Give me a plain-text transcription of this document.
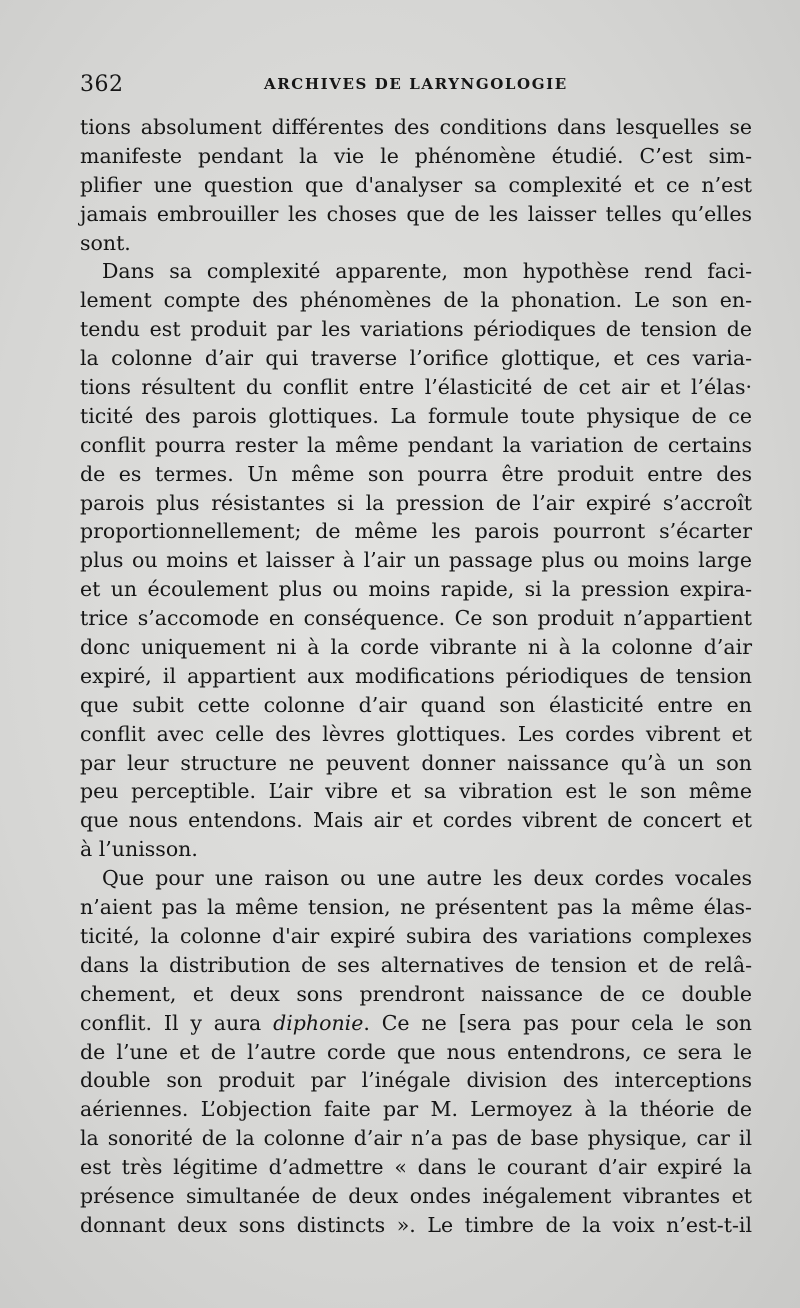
362	ARCHIVES DE LARYNGOLOGIE
tions absolument différentes des conditions dans lesquelles se
manifeste pendant la vie le phénomène étudié. C’est sim-
plifier une question que d'analyser sa complexité et ce n’est
jamais embrouiller les choses que de les laisser telles qu’elles
sont.
Dans sa complexité apparente, mon hypothèse rend faci-
lement compte des phénomènes de la phonation. Le son en-
tendu est produit par les variations périodiques de tension de
la colonne d’air qui traverse l’orifice glottique, et ces varia-
tions résultent du conflit entre l’élasticité de cet air et l’élas·
ticité des parois glottiques. La formule toute physique de ce
conflit pourra rester la même pendant la variation de certains
de es termes. Un même son pourra être produit entre des
parois plus résistantes si la pression de l’air expiré s’accroît
proportionnellement; de même les parois pourront s’écarter
plus ou moins et laisser à l’air un passage plus ou moins large
et un écoulement plus ou moins rapide, si la pression expira-
trice s’accomode en conséquence. Ce son produit n’appartient
donc uniquement ni à la corde vibrante ni à la colonne d’air
expiré, il appartient aux modifications périodiques de tension
que subit cette colonne d’air quand son élasticité entre en
conflit avec celle des lèvres glottiques. Les cordes vibrent et
par leur structure ne peuvent donner naissance qu’à un son
peu perceptible. L’air vibre et sa vibration est le son même
que nous entendons. Mais air et cordes vibrent de concert et
à l’unisson.
Que pour une raison ou une autre les deux cordes vocales
n’aient pas la même tension, ne présentent pas la même élas-
ticité, la colonne d'air expiré subira des variations complexes
dans la distribution de ses alternatives de tension et de relâ-
chement, et deux sons prendront naissance de ce double
conflit. Il y aura diphonie. Ce ne [sera pas pour cela le son
de l’une et de l’autre corde que nous entendrons, ce sera le
double son produit par l’inégale division des interceptions
aériennes. L’objection faite par M. Lermoyez à la théorie de
la sonorité de la colonne d’air n’a pas de base physique, car il
est très légitime d’admettre « dans le courant d’air expiré la
présence simultanée de deux ondes inégalement vibrantes et
donnant deux sons distincts ». Le timbre de la voix n’est-t-il
